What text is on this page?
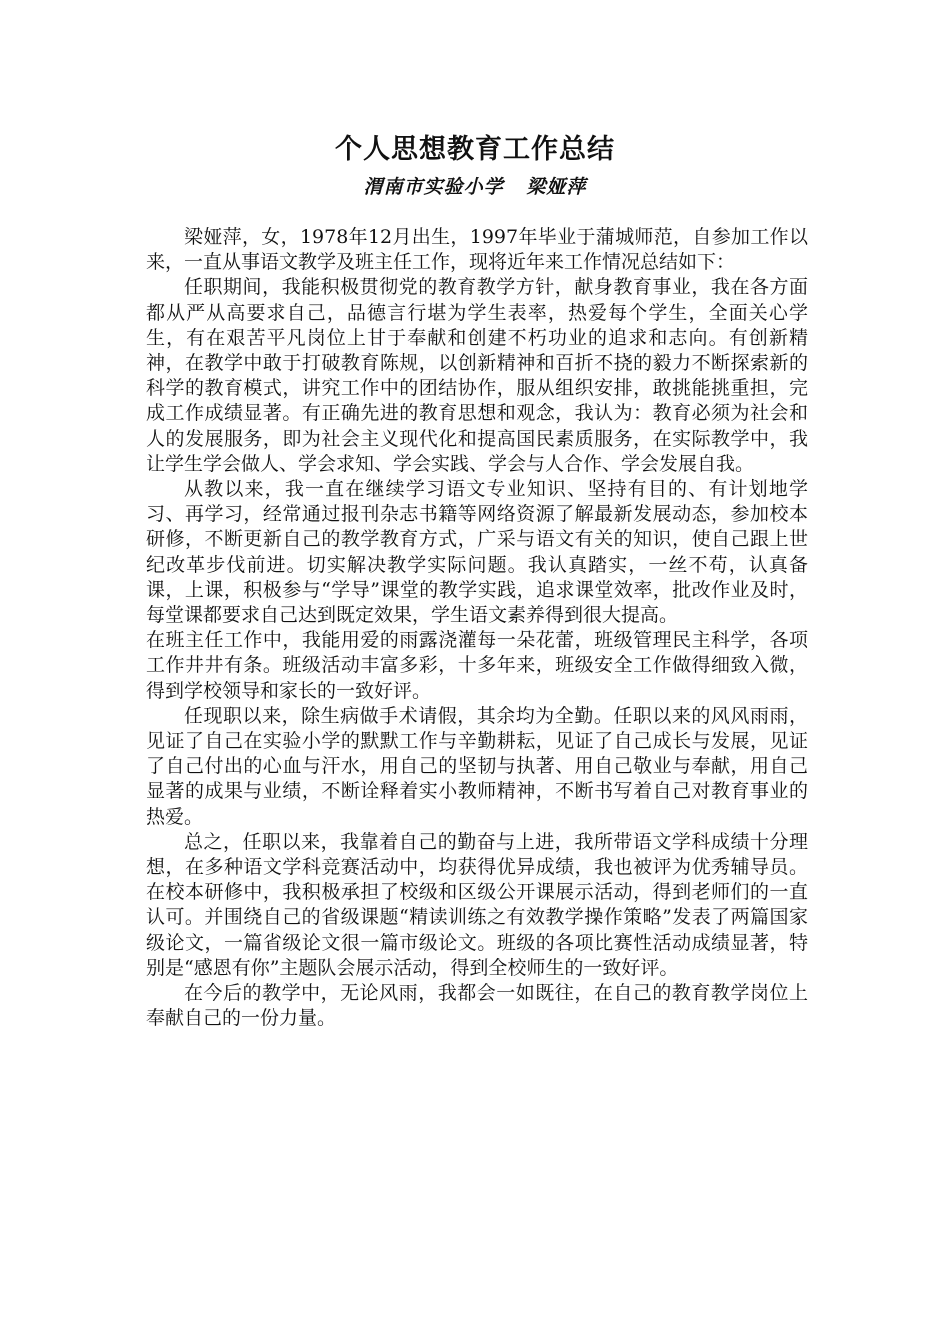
个人思想教育工作总结
渭南市实验小学   梁娅萍

梁娅萍，女，1978年12月出生，1997年毕业于蒲城师范，自参加工作以来，一直从事语文教学及班主任工作，现将近年来工作情况总结如下：

任职期间，我能积极贯彻党的教育教学方针，献身教育事业，我在各方面都从严从高要求自己，品德言行堪为学生表率，热爱每个学生，全面关心学生，有在艰苦平凡岗位上甘于奉献和创建不朽功业的追求和志向。有创新精神，在教学中敢于打破教育陈规，以创新精神和百折不挠的毅力不断探索新的科学的教育模式，讲究工作中的团结协作，服从组织安排，敢挑能挑重担，完成工作成绩显著。有正确先进的教育思想和观念，我认为：教育必须为社会和人的发展服务，即为社会主义现代化和提高国民素质服务，在实际教学中，我让学生学会做人、学会求知、学会实践、学会与人合作、学会发展自我。

从教以来，我一直在继续学习语文专业知识、坚持有目的、有计划地学习、再学习，经常通过报刊杂志书籍等网络资源了解最新发展动态，参加校本研修，不断更新自己的教学教育方式，广采与语文有关的知识，使自己跟上世纪改革步伐前进。切实解决教学实际问题。我认真踏实，一丝不苟，认真备课，上课，积极参与“学导”课堂的教学实践，追求课堂效率，批改作业及时，每堂课都要求自己达到既定效果，学生语文素养得到很大提高。

在班主任工作中，我能用爱的雨露浇灌每一朵花蕾，班级管理民主科学，各项工作井井有条。班级活动丰富多彩，十多年来，班级安全工作做得细致入微，得到学校领导和家长的一致好评。

任现职以来，除生病做手术请假，其余均为全勤。任职以来的风风雨雨，见证了自己在实验小学的默默工作与辛勤耕耘，见证了自己成长与发展，见证了自己付出的心血与汗水，用自己的坚韧与执著、用自己敬业与奉献，用自己显著的成果与业绩，不断诠释着实小教师精神，不断书写着自己对教育事业的热爱。

总之，任职以来，我靠着自己的勤奋与上进，我所带语文学科成绩十分理想，在多种语文学科竞赛活动中，均获得优异成绩，我也被评为优秀辅导员。在校本研修中，我积极承担了校级和区级公开课展示活动，得到老师们的一直认可。并围绕自己的省级课题“精读训练之有效教学操作策略”发表了两篇国家级论文，一篇省级论文很一篇市级论文。班级的各项比赛性活动成绩显著，特别是“感恩有你”主题队会展示活动，得到全校师生的一致好评。

在今后的教学中，无论风雨，我都会一如既往，在自己的教育教学岗位上奉献自己的一份力量。
